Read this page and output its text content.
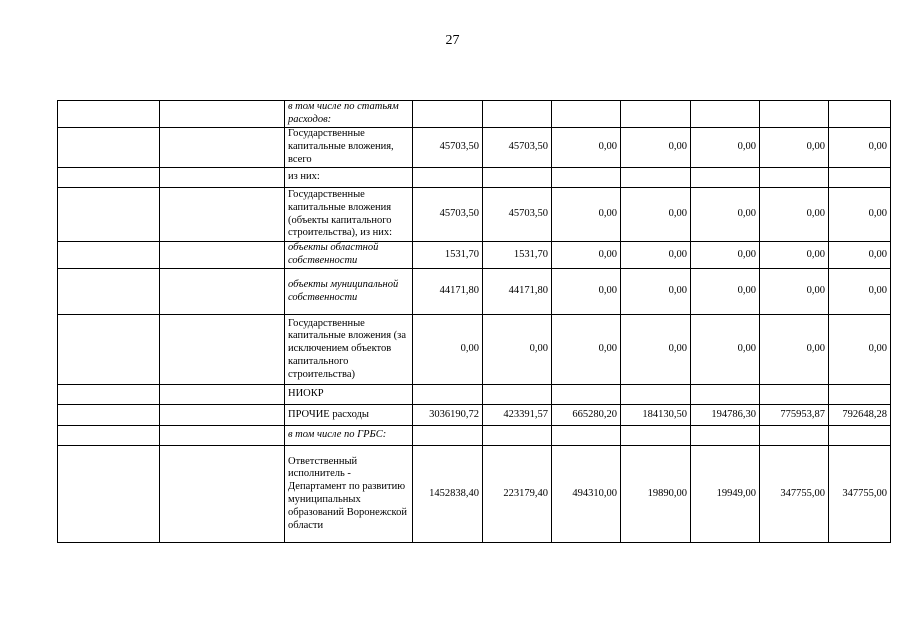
27
		в том числе по статьям расходов:							
		Государственные капитальные вложения, всего	45703,50	45703,50	0,00	0,00	0,00	0,00	0,00
		из них:							
		Государственные капитальные вложения (объекты капитального строительства), из них:	45703,50	45703,50	0,00	0,00	0,00	0,00	0,00
		объекты областной собственности	1531,70	1531,70	0,00	0,00	0,00	0,00	0,00
		объекты муниципальной собственности	44171,80	44171,80	0,00	0,00	0,00	0,00	0,00
		Государственные капитальные вложения (за исключением объектов капитального строительства)	0,00	0,00	0,00	0,00	0,00	0,00	0,00
		НИОКР							
		ПРОЧИЕ расходы	3036190,72	423391,57	665280,20	184130,50	194786,30	775953,87	792648,28
		в том числе по ГРБС:							
		Ответственный исполнитель - Департамент по развитию муниципальных образований Воронежской области	1452838,40	223179,40	494310,00	19890,00	19949,00	347755,00	347755,00
